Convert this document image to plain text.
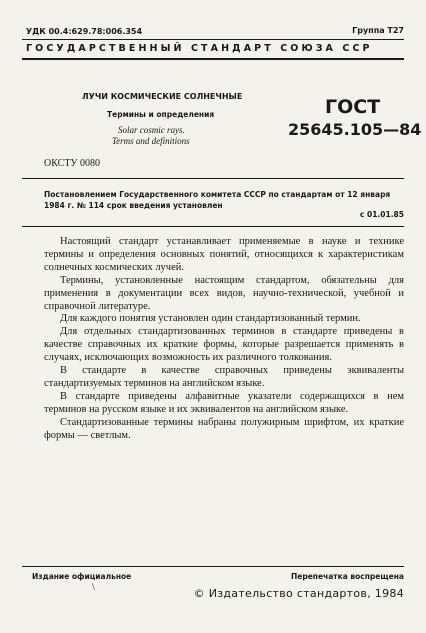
УДК 00.4:629.78:006.354	Группа Т27
ГОСУДАРСТВЕННЫЙ СТАНДАРТ СОЮЗА ССР
ЛУЧИ КОСМИЧЕСКИЕ СОЛНЕЧНЫЕ
Термины и определения
Solar cosmic rays.
Terms and definitions
ГОСТ
25645.105—84
ОКСТУ 0080
Постановлением Государственного комитета СССР по стандартам от 12 января 1984 г. № 114 срок введения установлен
с 01.01.85

Настоящий стандарт устанавливает применяемые в науке и технике термины и определения основных понятий, относящихся к характеристикам солнечных космических лучей.

Термины, установленные настоящим стандартом, обязательны для применения в документации всех видов, научно-технической, учебной и справочной литературе.

Для каждого понятия установлен один стандартизованный термин.

Для отдельных стандартизованных терминов в стандарте приведены в качестве справочных их краткие формы, которые разрешается применять в случаях, исключающих возможность их различного толкования.

В стандарте в качестве справочных приведены эквиваленты стандартизуемых терминов на английском языке.

В стандарте приведены алфавитные указатели содержащихся в нем терминов на русском языке и их эквивалентов на английском языке.

Стандартизованные термины набраны полужирным шрифтом, их краткие формы — светлым.

Издание официальное	Перепечатка воспрещена
© Издательство стандартов, 1984
\
